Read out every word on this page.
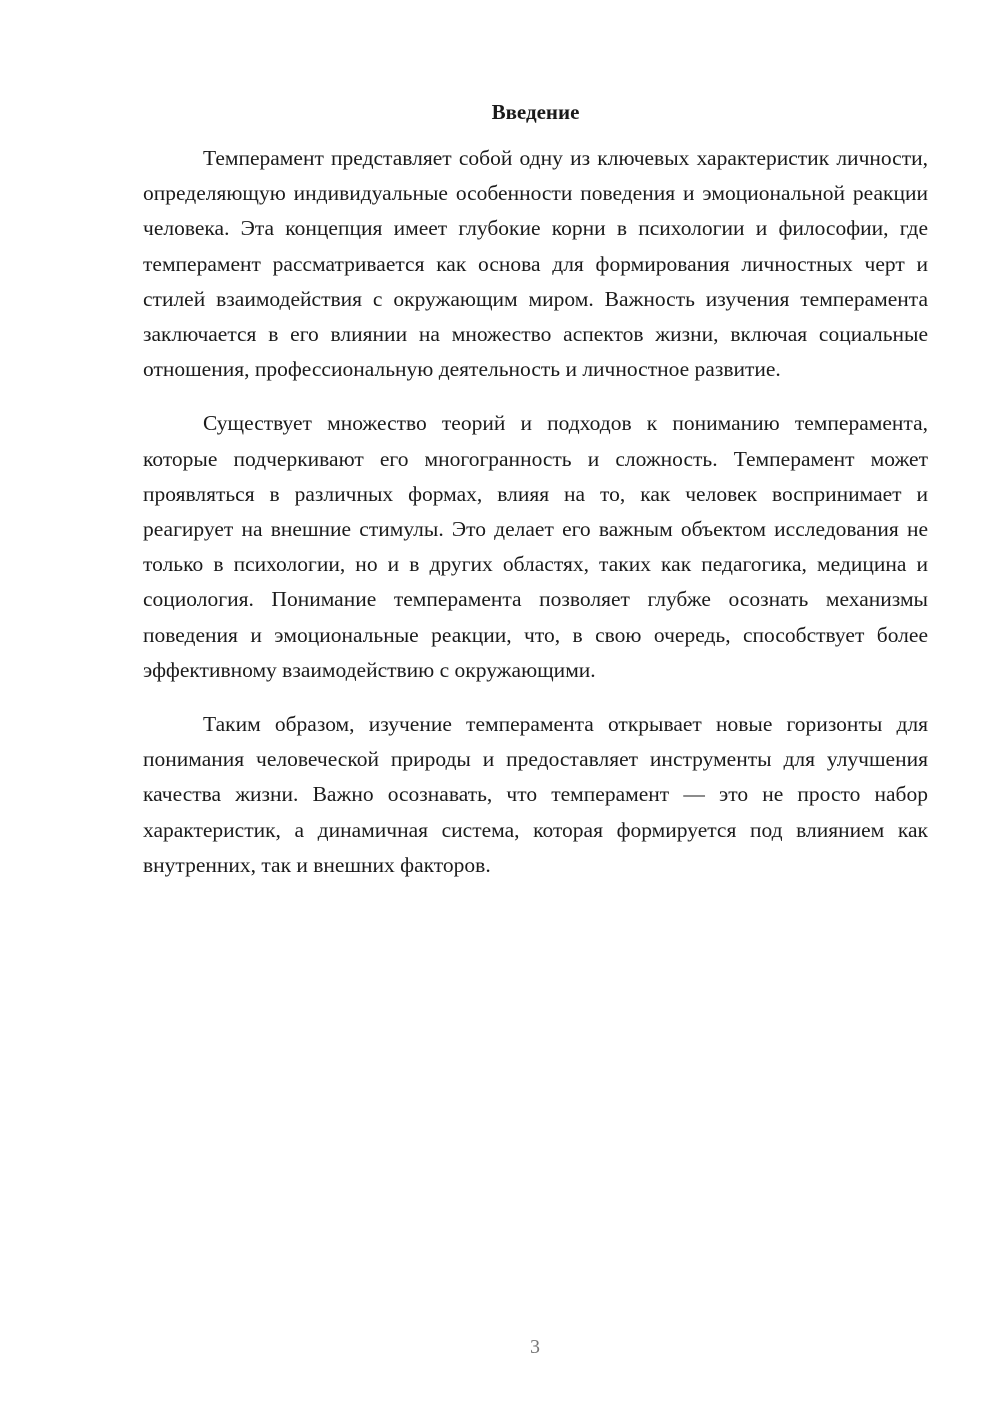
Введение

Темперамент представляет собой одну из ключевых характеристик личности, определяющую индивидуальные особенности поведения и эмоциональной реакции человека. Эта концепция имеет глубокие корни в психологии и философии, где темперамент рассматривается как основа для формирования личностных черт и стилей взаимодействия с окружающим миром. Важность изучения темперамента заключается в его влиянии на множество аспектов жизни, включая социальные отношения, профессиональную деятельность и личностное развитие.

Существует множество теорий и подходов к пониманию темперамента, которые подчеркивают его многогранность и сложность. Темперамент может проявляться в различных формах, влияя на то, как человек воспринимает и реагирует на внешние стимулы. Это делает его важным объектом исследования не только в психологии, но и в других областях, таких как педагогика, медицина и социология. Понимание темперамента позволяет глубже осознать механизмы поведения и эмоциональные реакции, что, в свою очередь, способствует более эффективному взаимодействию с окружающими.

Таким образом, изучение темперамента открывает новые горизонты для понимания человеческой природы и предоставляет инструменты для улучшения качества жизни. Важно осознавать, что темперамент — это не просто набор характеристик, а динамичная система, которая формируется под влиянием как внутренних, так и внешних факторов.

3
